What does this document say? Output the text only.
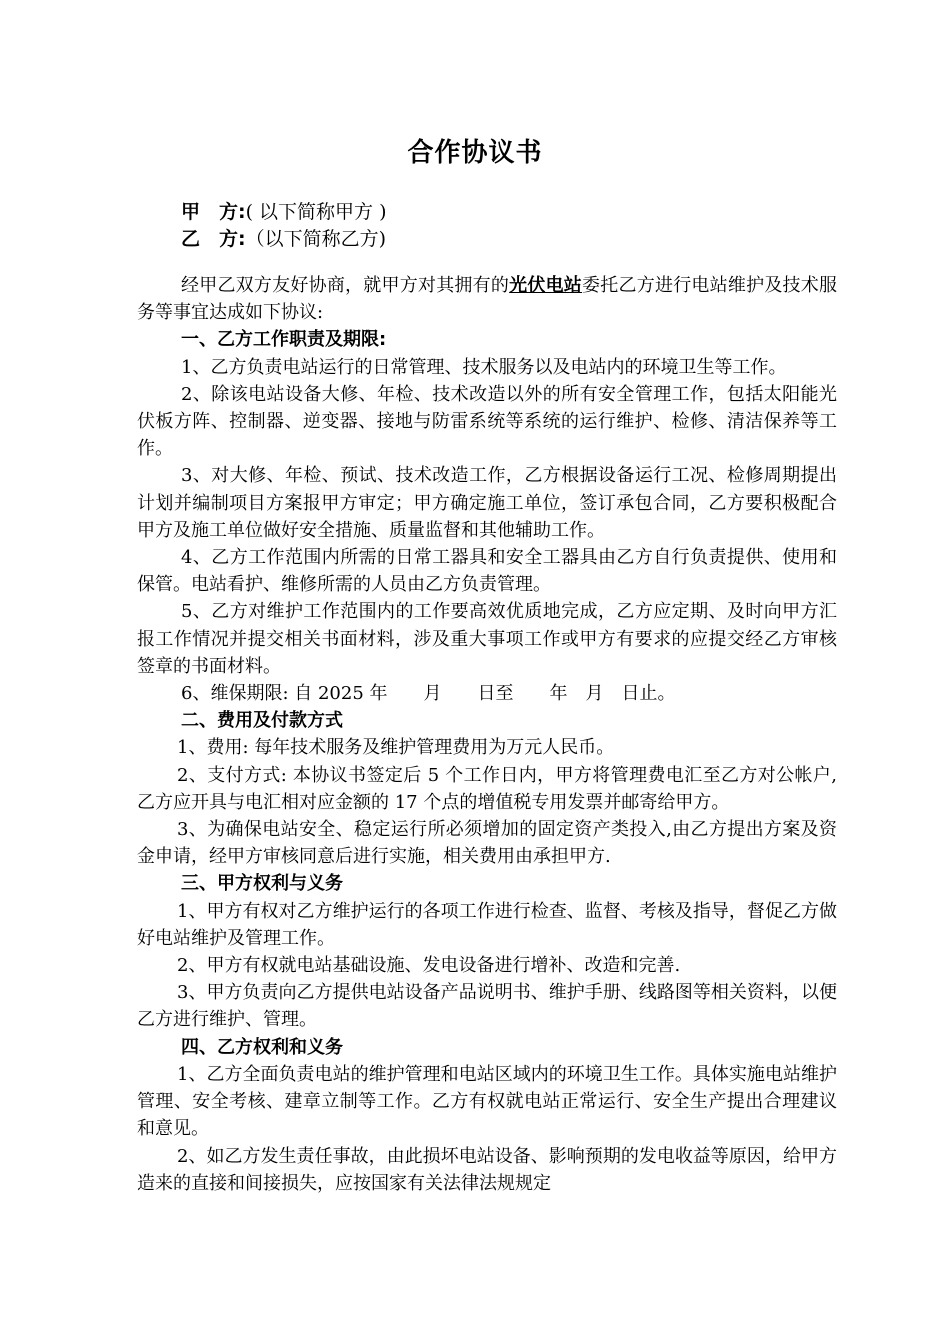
合作协议书
甲　方:( 以下简称甲方 )
乙　方:（以下简称乙方)

经甲乙双方友好协商，就甲方对其拥有的光伏电站委托乙方进行电站维护及技术服务等事宜达成如下协议:

一、乙方工作职责及期限:

1、乙方负责电站运行的日常管理、技术服务以及电站内的环境卫生等工作。

2、除该电站设备大修、年检、技术改造以外的所有安全管理工作，包括太阳能光伏板方阵、控制器、逆变器、接地与防雷系统等系统的运行维护、检修、清洁保养等工作。

3、对大修、年检、预试、技术改造工作，乙方根据设备运行工况、检修周期提出计划并编制项目方案报甲方审定；甲方确定施工单位，签订承包合同，乙方要积极配合甲方及施工单位做好安全措施、质量监督和其他辅助工作。

4、乙方工作范围内所需的日常工器具和安全工器具由乙方自行负责提供、使用和保管。电站看护、维修所需的人员由乙方负责管理。

5、乙方对维护工作范围内的工作要高效优质地完成，乙方应定期、及时向甲方汇报工作情况并提交相关书面材料，涉及重大事项工作或甲方有要求的应提交经乙方审核签章的书面材料。

6、维保期限: 自 2025 年　　月　　日至　　年　月　日止。

二、费用及付款方式

1、费用: 每年技术服务及维护管理费用为万元人民币。

2、支付方式: 本协议书签定后 5 个工作日内，甲方将管理费电汇至乙方对公帐户,乙方应开具与电汇相对应金额的 17 个点的增值税专用发票并邮寄给甲方。

3、为确保电站安全、稳定运行所必须增加的固定资产类投入,由乙方提出方案及资金申请，经甲方审核同意后进行实施，相关费用由承担甲方.

三、甲方权利与义务

1、甲方有权对乙方维护运行的各项工作进行检查、监督、考核及指导，督促乙方做好电站维护及管理工作。

2、甲方有权就电站基础设施、发电设备进行增补、改造和完善.

3、甲方负责向乙方提供电站设备产品说明书、维护手册、线路图等相关资料，以便乙方进行维护、管理。

四、乙方权利和义务

1、乙方全面负责电站的维护管理和电站区域内的环境卫生工作。具体实施电站维护管理、安全考核、建章立制等工作。乙方有权就电站正常运行、安全生产提出合理建议和意见。

2、如乙方发生责任事故，由此损坏电站设备、影响预期的发电收益等原因，给甲方造来的直接和间接损失，应按国家有关法律法规规定
